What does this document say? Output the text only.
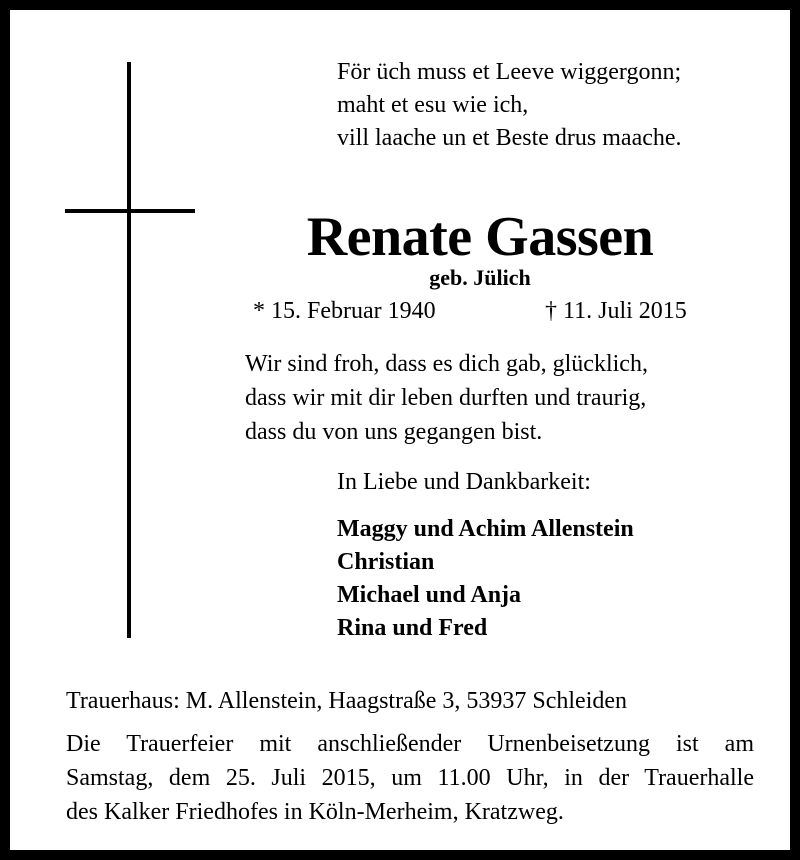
För üch muss et Leeve wiggergonn;
maht et esu wie ich,
vill laache un et Beste drus maache.
Renate Gassen
geb. Jülich
* 15. Februar 1940	† 11. Juli 2015
Wir sind froh, dass es dich gab, glücklich,
dass wir mit dir leben durften und traurig,
dass du von uns gegangen bist.
In Liebe und Dankbarkeit:
Maggy und Achim Allenstein
Christian
Michael und Anja
Rina und Fred
Trauerhaus: M. Allenstein, Haagstraße 3, 53937 Schleiden
Die Trauerfeier mit anschließender Urnenbeisetzung ist am
Samstag, dem 25. Juli 2015, um 11.00 Uhr, in der Trauerhalle
des Kalker Friedhofes in Köln-Merheim, Kratzweg.
